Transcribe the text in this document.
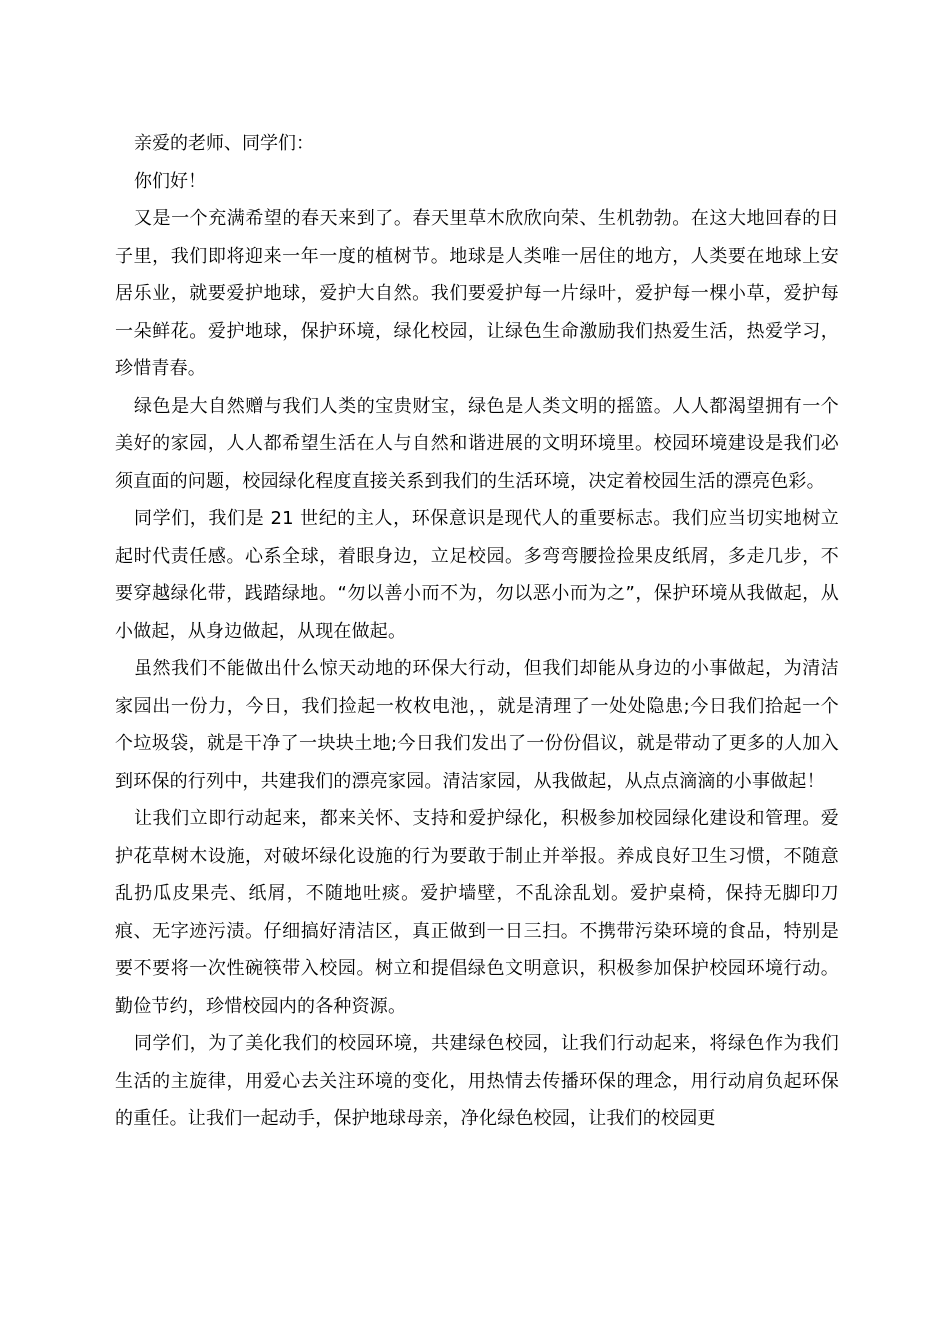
亲爱的老师、同学们：

你们好！

又是一个充满希望的春天来到了。春天里草木欣欣向荣、生机勃勃。在这大地回春的日子里，我们即将迎来一年一度的植树节。地球是人类唯一居住的地方，人类要在地球上安居乐业，就要爱护地球，爱护大自然。我们要爱护每一片绿叶，爱护每一棵小草，爱护每一朵鲜花。爱护地球，保护环境，绿化校园，让绿色生命激励我们热爱生活，热爱学习，珍惜青春。

绿色是大自然赠与我们人类的宝贵财宝，绿色是人类文明的摇篮。人人都渴望拥有一个美好的家园，人人都希望生活在人与自然和谐进展的文明环境里。校园环境建设是我们必须直面的问题，校园绿化程度直接关系到我们的生活环境，决定着校园生活的漂亮色彩。

同学们，我们是 21 世纪的主人，环保意识是现代人的重要标志。我们应当切实地树立起时代责任感。心系全球，着眼身边，立足校园。多弯弯腰捡捡果皮纸屑，多走几步，不要穿越绿化带，践踏绿地。“勿以善小而不为，勿以恶小而为之”，保护环境从我做起，从小做起，从身边做起，从现在做起。

虽然我们不能做出什么惊天动地的环保大行动，但我们却能从身边的小事做起，为清洁家园出一份力，今日，我们捡起一枚枚电池，，就是清理了一处处隐患;今日我们拾起一个个垃圾袋，就是干净了一块块土地;今日我们发出了一份份倡议，就是带动了更多的人加入到环保的行列中，共建我们的漂亮家园。清洁家园，从我做起，从点点滴滴的小事做起！

让我们立即行动起来，都来关怀、支持和爱护绿化，积极参加校园绿化建设和管理。爱护花草树木设施，对破坏绿化设施的行为要敢于制止并举报。养成良好卫生习惯，不随意乱扔瓜皮果壳、纸屑，不随地吐痰。爱护墙壁，不乱涂乱划。爱护桌椅，保持无脚印刀痕、无字迹污渍。仔细搞好清洁区，真正做到一日三扫。不携带污染环境的食品，特别是要不要将一次性碗筷带入校园。树立和提倡绿色文明意识，积极参加保护校园环境行动。勤俭节约，珍惜校园内的各种资源。

同学们，为了美化我们的校园环境，共建绿色校园，让我们行动起来，将绿色作为我们生活的主旋律，用爱心去关注环境的变化，用热情去传播环保的理念，用行动肩负起环保的重任。让我们一起动手，保护地球母亲，净化绿色校园，让我们的校园更
